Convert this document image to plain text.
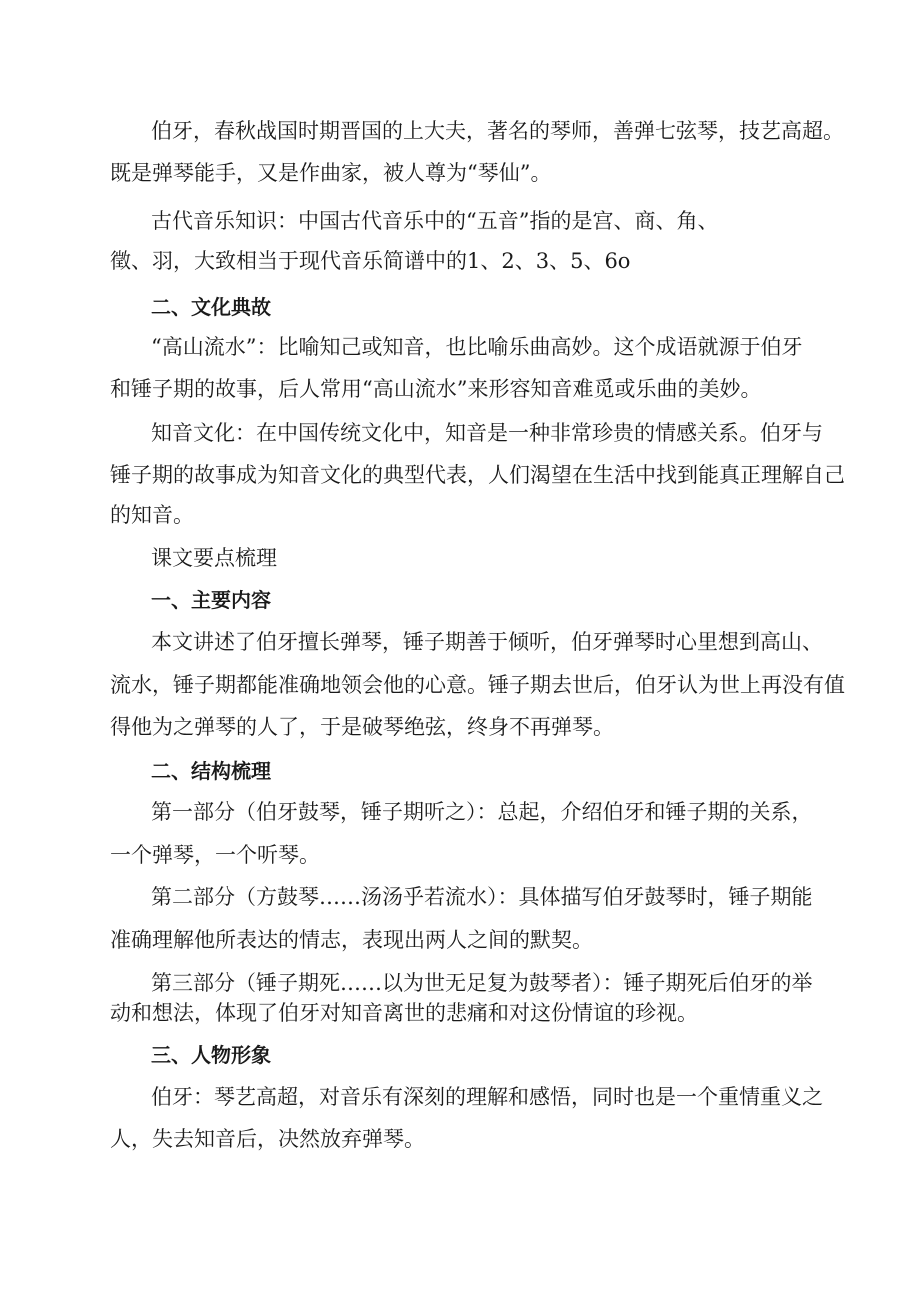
伯牙，春秋战国时期晋国的上大夫，著名的琴师，善弹七弦琴，技艺高超。
既是弹琴能手，又是作曲家，被人尊为“琴仙”。
古代音乐知识：中国古代音乐中的“五音”指的是宫、商、角、
徵、羽，大致相当于现代音乐简谱中的1、2、3、5、6o
二、文化典故
“高山流水”：比喻知己或知音，也比喻乐曲高妙。这个成语就源于伯牙
和锤子期的故事，后人常用“高山流水”来形容知音难觅或乐曲的美妙。
知音文化：在中国传统文化中，知音是一种非常珍贵的情感关系。伯牙与
锤子期的故事成为知音文化的典型代表，人们渴望在生活中找到能真正理解自己
的知音。
课文要点梳理
一、主要内容
本文讲述了伯牙擅长弹琴，锤子期善于倾听，伯牙弹琴时心里想到高山、
流水，锤子期都能准确地领会他的心意。锤子期去世后，伯牙认为世上再没有值
得他为之弹琴的人了，于是破琴绝弦，终身不再弹琴。
二、结构梳理
第一部分（伯牙鼓琴，锤子期听之）：总起，介绍伯牙和锤子期的关系，
一个弹琴，一个听琴。
第二部分（方鼓琴……汤汤乎若流水）：具体描写伯牙鼓琴时，锤子期能
准确理解他所表达的情志，表现出两人之间的默契。
第三部分（锤子期死……以为世无足复为鼓琴者）：锤子期死后伯牙的举
动和想法，体现了伯牙对知音离世的悲痛和对这份情谊的珍视。
三、人物形象
伯牙：琴艺高超，对音乐有深刻的理解和感悟，同时也是一个重情重义之
人，失去知音后，决然放弃弹琴。
